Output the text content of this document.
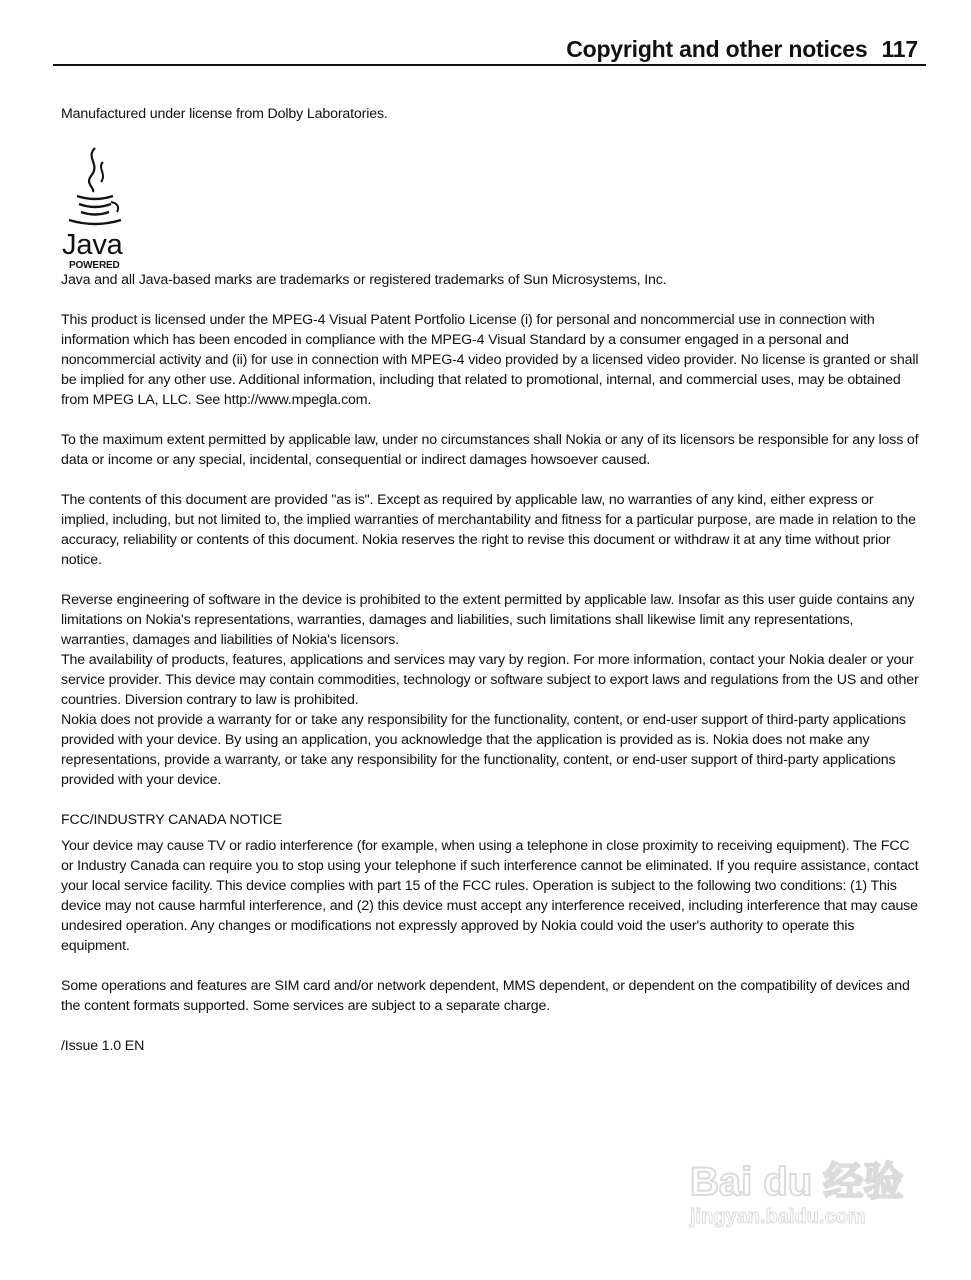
Copyright and other notices 117

Manufactured under license from Dolby Laboratories.

Java
POWERED

Java and all Java-based marks are trademarks or registered trademarks of Sun Microsystems, Inc.

This product is licensed under the MPEG-4 Visual Patent Portfolio License (i) for personal and noncommercial use in connection with information which has been encoded in compliance with the MPEG-4 Visual Standard by a consumer engaged in a personal and noncommercial activity and (ii) for use in connection with MPEG-4 video provided by a licensed video provider. No license is granted or shall be implied for any other use. Additional information, including that related to promotional, internal, and commercial uses, may be obtained from MPEG LA, LLC. See http://www.mpegla.com.

To the maximum extent permitted by applicable law, under no circumstances shall Nokia or any of its licensors be responsible for any loss of data or income or any special, incidental, consequential or indirect damages howsoever caused.

The contents of this document are provided "as is". Except as required by applicable law, no warranties of any kind, either express or implied, including, but not limited to, the implied warranties of merchantability and fitness for a particular purpose, are made in relation to the accuracy, reliability or contents of this document. Nokia reserves the right to revise this document or withdraw it at any time without prior notice.

Reverse engineering of software in the device is prohibited to the extent permitted by applicable law. Insofar as this user guide contains any limitations on Nokia's representations, warranties, damages and liabilities, such limitations shall likewise limit any representations, warranties, damages and liabilities of Nokia's licensors.

The availability of products, features, applications and services may vary by region. For more information, contact your Nokia dealer or your service provider. This device may contain commodities, technology or software subject to export laws and regulations from the US and other countries. Diversion contrary to law is prohibited.

Nokia does not provide a warranty for or take any responsibility for the functionality, content, or end-user support of third-party applications provided with your device. By using an application, you acknowledge that the application is provided as is. Nokia does not make any representations, provide a warranty, or take any responsibility for the functionality, content, or end-user support of third-party applications provided with your device.

FCC/INDUSTRY CANADA NOTICE

Your device may cause TV or radio interference (for example, when using a telephone in close proximity to receiving equipment). The FCC or Industry Canada can require you to stop using your telephone if such interference cannot be eliminated. If you require assistance, contact your local service facility. This device complies with part 15 of the FCC rules. Operation is subject to the following two conditions: (1) This device may not cause harmful interference, and (2) this device must accept any interference received, including interference that may cause undesired operation. Any changes or modifications not expressly approved by Nokia could void the user's authority to operate this equipment.

Some operations and features are SIM card and/or network dependent, MMS dependent, or dependent on the compatibility of devices and the content formats supported. Some services are subject to a separate charge.

/Issue 1.0 EN

Bai du 经验
jingyan.baidu.com
